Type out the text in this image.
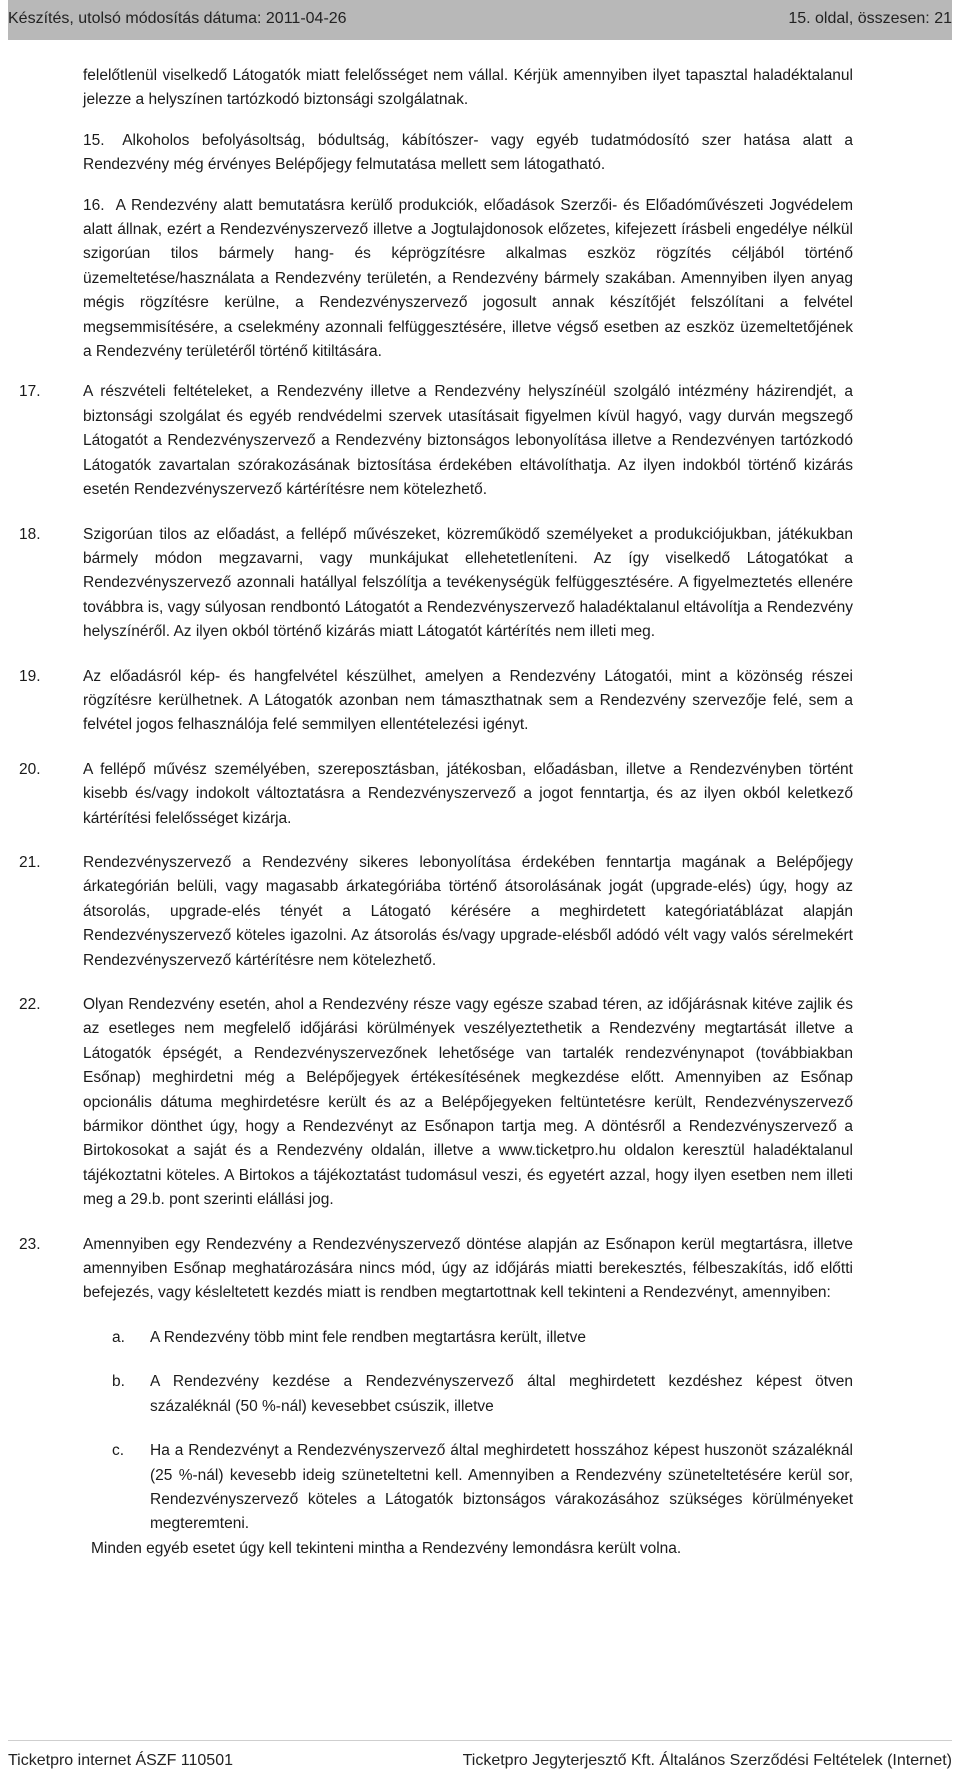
Készítés, utolsó módosítás dátuma: 2011-04-26	15. oldal, összesen: 21

felelőtlenül viselkedő Látogatók miatt felelősséget nem vállal. Kérjük amennyiben ilyet tapasztal haladéktalanul jelezze a helyszínen tartózkodó biztonsági szolgálatnak.

15. Alkoholos befolyásoltság, bódultság, kábítószer- vagy egyéb tudatmódosító szer hatása alatt a Rendezvény még érvényes Belépőjegy felmutatása mellett sem látogatható.

16. A Rendezvény alatt bemutatásra kerülő produkciók, előadások Szerzői- és Előadóművészeti Jogvédelem alatt állnak, ezért a Rendezvényszervező illetve a Jogtulajdonosok előzetes, kifejezett írásbeli engedélye nélkül szigorúan tilos bármely hang- és képrögzítésre alkalmas eszköz rögzítés céljából történő üzemeltetése/használata a Rendezvény területén, a Rendezvény bármely szakában. Amennyiben ilyen anyag mégis rögzítésre kerülne, a Rendezvényszervező jogosult annak készítőjét felszólítani a felvétel megsemmisítésére, a cselekmény azonnali felfüggesztésére, illetve végső esetben az eszköz üzemeltetőjének a Rendezvény területéről történő kitiltására.

17.	A részvételi feltételeket, a Rendezvény illetve a Rendezvény helyszínéül szolgáló intézmény házirendjét, a biztonsági szolgálat és egyéb rendvédelmi szervek utasításait figyelmen kívül hagyó, vagy durván megszegő Látogatót a Rendezvényszervező a Rendezvény biztonságos lebonyolítása illetve a Rendezvényen tartózkodó Látogatók zavartalan szórakozásának biztosítása érdekében eltávolíthatja. Az ilyen indokból történő kizárás esetén Rendezvényszervező kártérítésre nem kötelezhető.

18.	Szigorúan tilos az előadást, a fellépő művészeket, közreműködő személyeket a produkciójukban, játékukban bármely módon megzavarni, vagy munkájukat ellehetetleníteni. Az így viselkedő Látogatókat a Rendezvényszervező azonnali hatállyal felszólítja a tevékenységük felfüggesztésére. A figyelmeztetés ellenére továbbra is, vagy súlyosan rendbontó Látogatót a Rendezvényszervező haladéktalanul eltávolítja a Rendezvény helyszínéről. Az ilyen okból történő kizárás miatt Látogatót kártérítés nem illeti meg.

19.	Az előadásról kép- és hangfelvétel készülhet, amelyen a Rendezvény Látogatói, mint a közönség részei rögzítésre kerülhetnek. A Látogatók azonban nem támaszthatnak sem a Rendezvény szervezője felé, sem a felvétel jogos felhasználója felé semmilyen ellentételezési igényt.

20.	A fellépő művész személyében, szereposztásban, játékosban, előadásban, illetve a Rendezvényben történt kisebb és/vagy indokolt változtatásra a Rendezvényszervező a jogot fenntartja, és az ilyen okból keletkező kártérítési felelősséget kizárja.

21.	Rendezvényszervező a Rendezvény sikeres lebonyolítása érdekében fenntartja magának a Belépőjegy árkategórián belüli, vagy magasabb árkategóriába történő átsorolásának jogát (upgrade-elés) úgy, hogy az átsorolás, upgrade-elés tényét a Látogató kérésére a meghirdetett kategóriatáblázat alapján Rendezvényszervező köteles igazolni. Az átsorolás és/vagy upgrade-elésből adódó vélt vagy valós sérelmekért Rendezvényszervező kártérítésre nem kötelezhető.

22.	Olyan Rendezvény esetén, ahol a Rendezvény része vagy egésze szabad téren, az időjárásnak kitéve zajlik és az esetleges nem megfelelő időjárási körülmények veszélyeztethetik a Rendezvény megtartását illetve a Látogatók épségét, a Rendezvényszervezőnek lehetősége van tartalék rendezvénynapot (továbbiakban Esőnap) meghirdetni még a Belépőjegyek értékesítésének megkezdése előtt. Amennyiben az Esőnap opcionális dátuma meghirdetésre került és az a Belépőjegyeken feltüntetésre került, Rendezvényszervező bármikor dönthet úgy, hogy a Rendezvényt az Esőnapon tartja meg. A döntésről a Rendezvényszervező a Birtokosokat a saját és a Rendezvény oldalán, illetve a www.ticketpro.hu oldalon keresztül haladéktalanul tájékoztatni köteles. A Birtokos a tájékoztatást tudomásul veszi, és egyetért azzal, hogy ilyen esetben nem illeti meg a 29.b. pont szerinti elállási jog.

23.	Amennyiben egy Rendezvény a Rendezvényszervező döntése alapján az Esőnapon kerül megtartásra, illetve amennyiben Esőnap meghatározására nincs mód, úgy az időjárás miatti berekesztés, félbeszakítás, idő előtti befejezés, vagy késleltetett kezdés miatt is rendben megtartottnak kell tekinteni a Rendezvényt, amennyiben:

a. A Rendezvény több mint fele rendben megtartásra került, illetve

b. A Rendezvény kezdése a Rendezvényszervező által meghirdetett kezdéshez képest ötven százaléknál (50 %-nál) kevesebbet csúszik, illetve

c. Ha a Rendezvényt a Rendezvényszervező által meghirdetett hosszához képest huszonöt százaléknál (25 %-nál) kevesebb ideig szüneteltetni kell. Amennyiben a Rendezvény szüneteltetésére kerül sor, Rendezvényszervező köteles a Látogatók biztonságos várakozásához szükséges körülményeket megteremteni.

Minden egyéb esetet úgy kell tekinteni mintha a Rendezvény lemondásra került volna.

Ticketpro internet ÁSZF 110501	Ticketpro Jegyterjesztő Kft. Általános Szerződési Feltételek (Internet)
